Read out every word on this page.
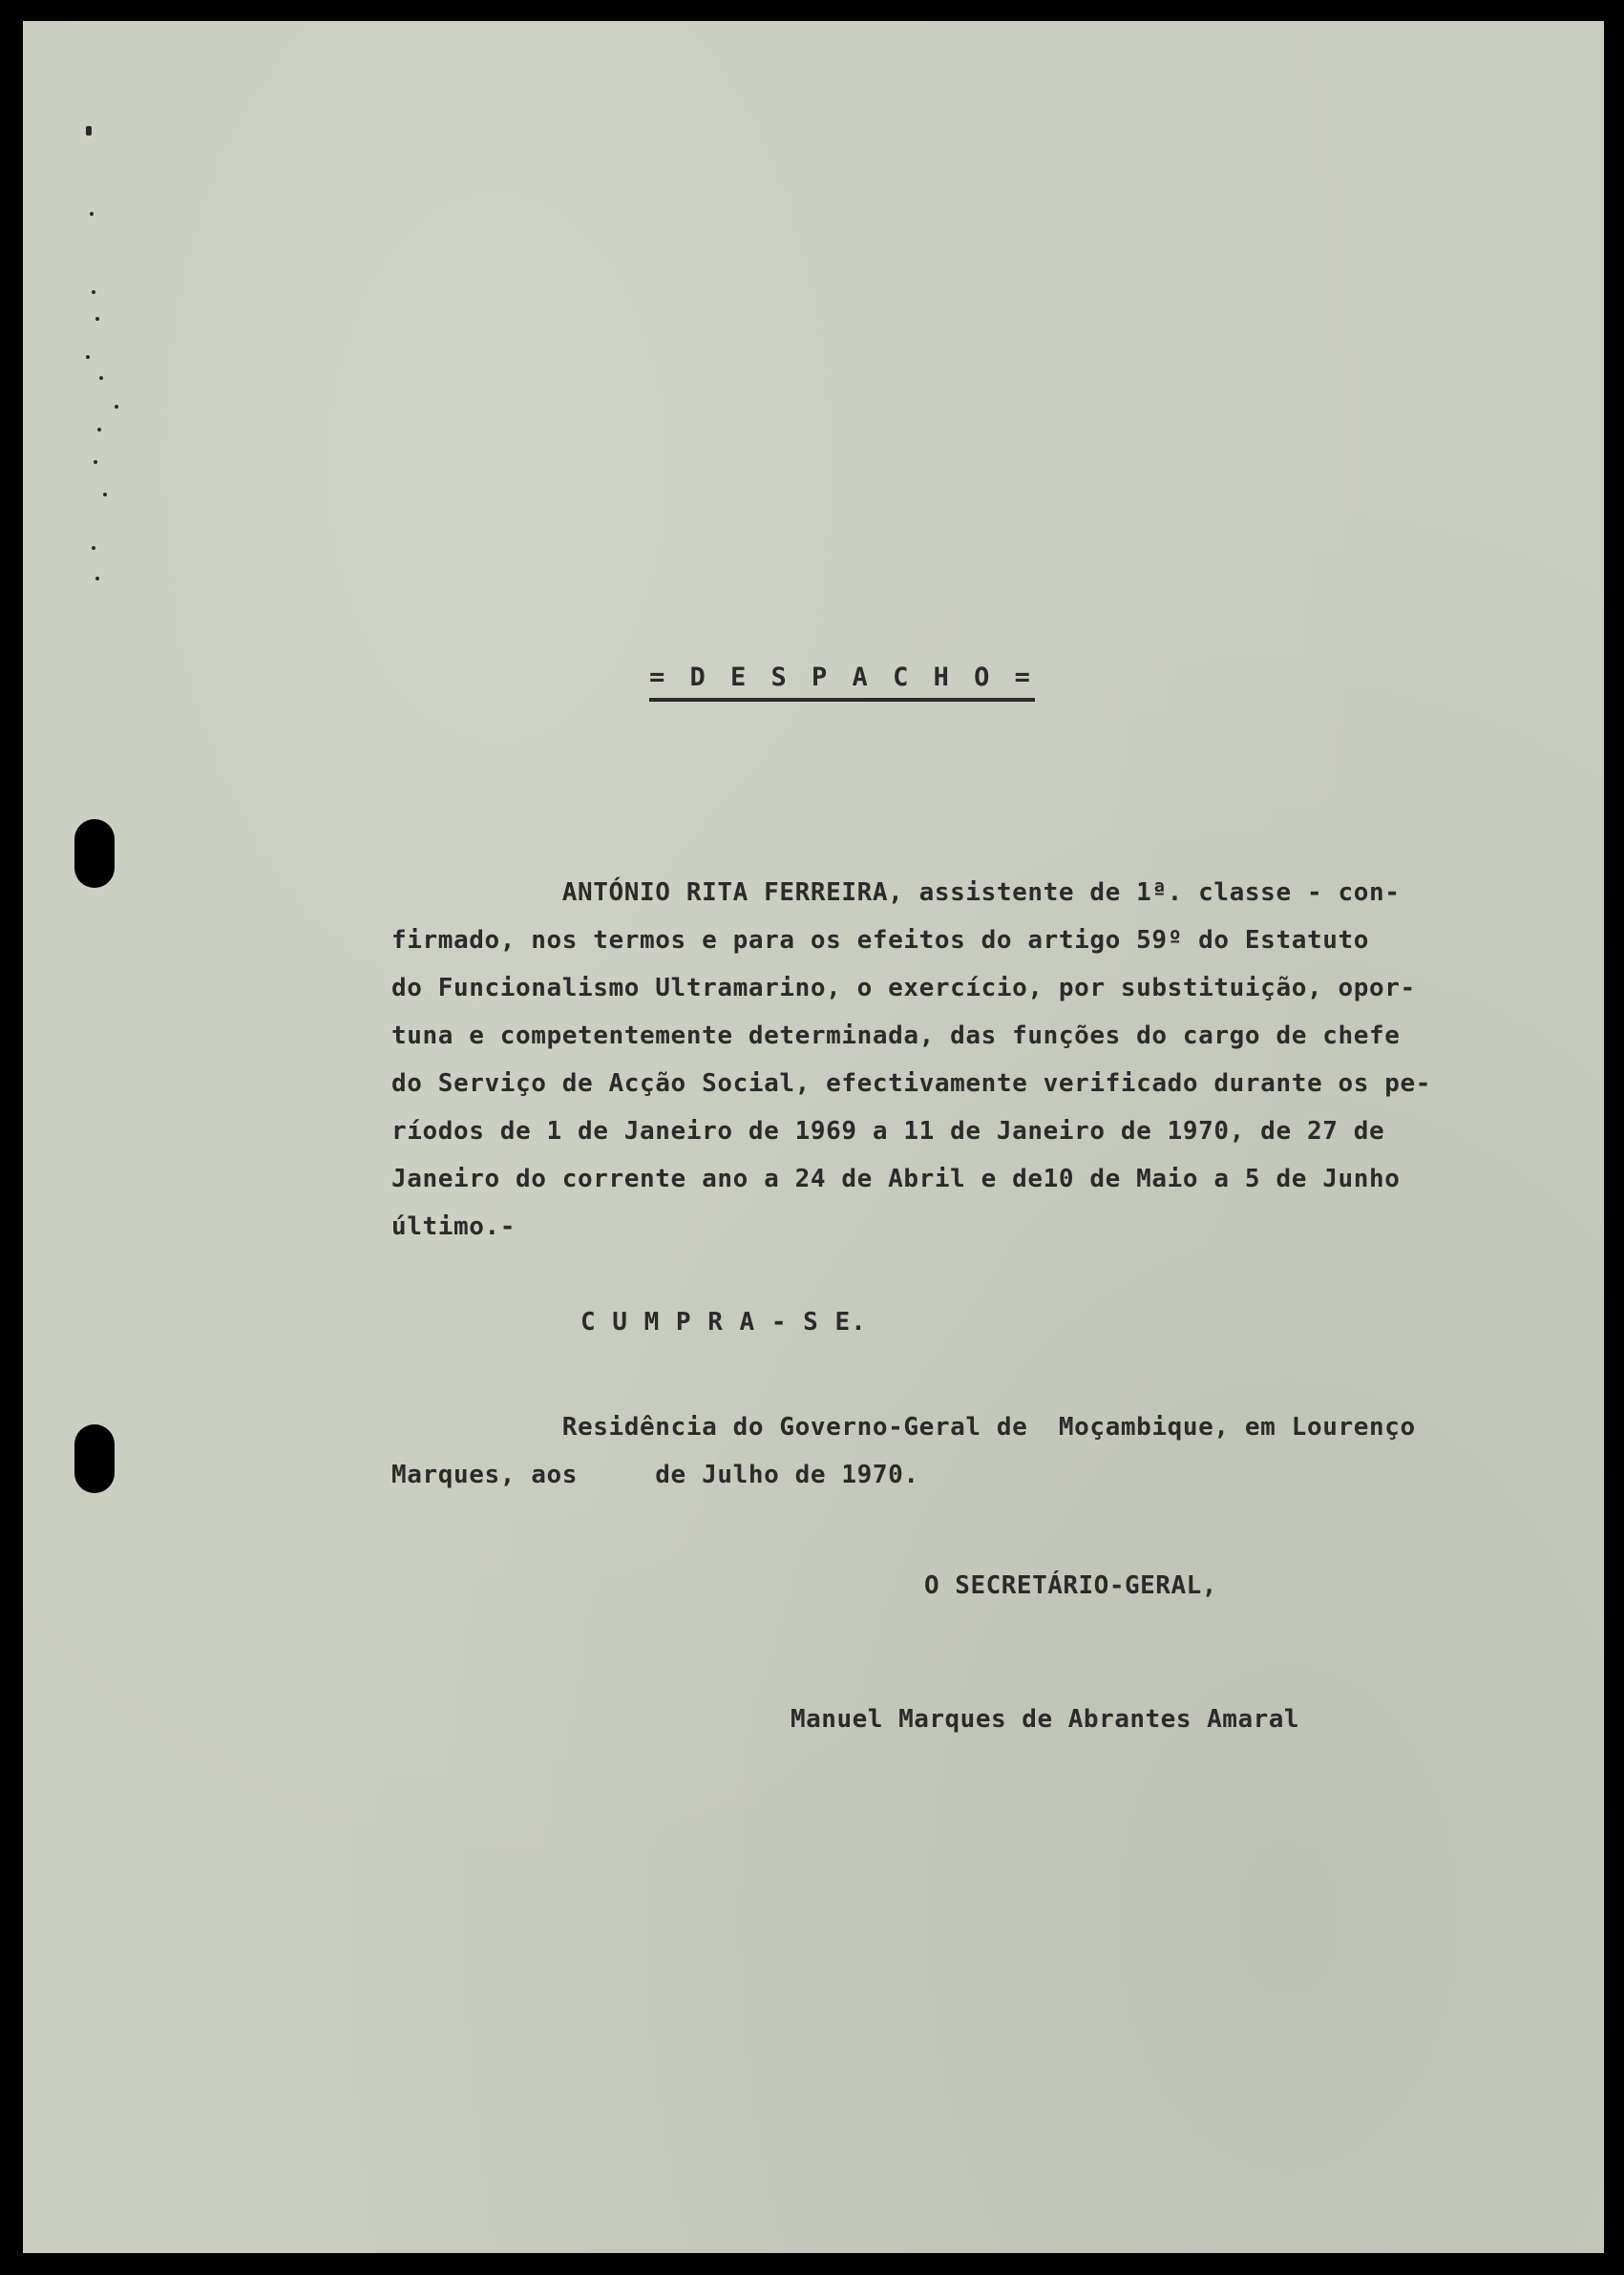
= D E S P A C H O =
ANTÓNIO RITA FERREIRA, assistente de 1ª. classe - con-
firmado, nos termos e para os efeitos do artigo 59º do Estatuto
do Funcionalismo Ultramarino, o exercício, por substituição, opor-
tuna e competentemente determinada, das funções do cargo de chefe
do Serviço de Acção Social, efectivamente verificado durante os pe-
ríodos de 1 de Janeiro de 1969 a 11 de Janeiro de 1970, de 27 de
Janeiro do corrente ano a 24 de Abril e de10 de Maio a 5 de Junho
último.-
C U M P R A - S E.
Residência do Governo-Geral de  Moçambique, em Lourenço
Marques, aos     de Julho de 1970.
O SECRETÁRIO-GERAL,
Manuel Marques de Abrantes Amaral
